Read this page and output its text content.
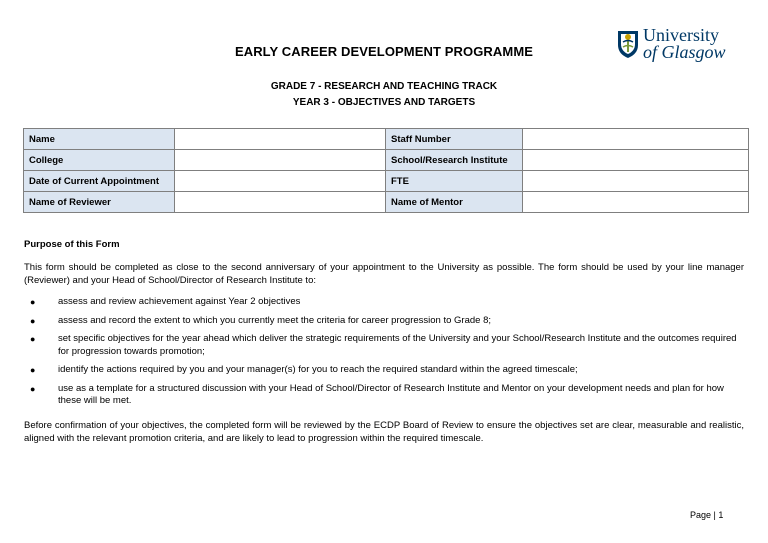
EARLY CAREER DEVELOPMENT PROGRAMME
University
of Glasgow
GRADE 7 - RESEARCH AND TEACHING TRACK
YEAR 3 - OBJECTIVES AND TARGETS
Name		Staff Number	
College		School/Research Institute	
Date of Current Appointment		FTE	
Name of Reviewer		Name of Mentor	
Purpose of this Form
This form should be completed as close to the second anniversary of your appointment to the University as possible. The form should be used by your line manager (Reviewer) and your Head of School/Director of Research Institute to:
● assess and review achievement against Year 2 objectives
● assess and record the extent to which you currently meet the criteria for career progression to Grade 8;
● set specific objectives for the year ahead which deliver the strategic requirements of the University and your School/Research Institute and the outcomes required for progression towards promotion;
● identify the actions required by you and your manager(s) for you to reach the required standard within the agreed timescale;
● use as a template for a structured discussion with your Head of School/Director of Research Institute and Mentor on your development needs and plan for how these will be met.
Before confirmation of your objectives, the completed form will be reviewed by the ECDP Board of Review to ensure the objectives set are clear, measurable and realistic, aligned with the relevant promotion criteria, and are likely to lead to progression within the required timescale.
Page | 1
